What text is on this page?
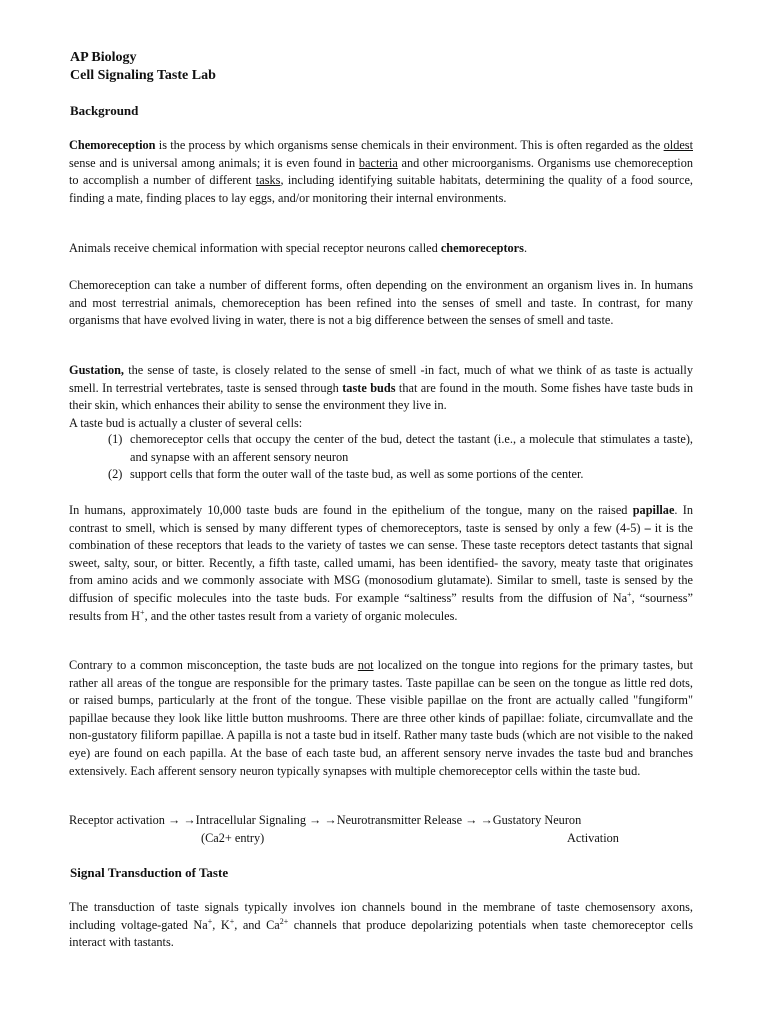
AP Biology
Cell Signaling Taste Lab
Background
Chemoreception is the process by which organisms sense chemicals in their environment. This is often regarded as the oldest sense and is universal among animals; it is even found in bacteria and other microorganisms. Organisms use chemoreception to accomplish a number of different tasks, including identifying suitable habitats, determining the quality of a food source, finding a mate, finding places to lay eggs, and/or monitoring their internal environments.
Animals receive chemical information with special receptor neurons called chemoreceptors.
Chemoreception can take a number of different forms, often depending on the environment an organism lives in. In humans and most terrestrial animals, chemoreception has been refined into the senses of smell and taste. In contrast, for many organisms that have evolved living in water, there is not a big difference between the senses of smell and taste.
Gustation, the sense of taste, is closely related to the sense of smell -in fact, much of what we think of as taste is actually smell. In terrestrial vertebrates, taste is sensed through taste buds that are found in the mouth. Some fishes have taste buds in their skin, which enhances their ability to sense the environment they live in.
A taste bud is actually a cluster of several cells:
(1) chemoreceptor cells that occupy the center of the bud, detect the tastant (i.e., a molecule that stimulates a taste), and synapse with an afferent sensory neuron
(2) support cells that form the outer wall of the taste bud, as well as some portions of the center.
In humans, approximately 10,000 taste buds are found in the epithelium of the tongue, many on the raised papillae. In contrast to smell, which is sensed by many different types of chemoreceptors, taste is sensed by only a few (4-5) – it is the combination of these receptors that leads to the variety of tastes we can sense. These taste receptors detect tastants that signal sweet, salty, sour, or bitter. Recently, a fifth taste, called umami, has been identified- the savory, meaty taste that originates from amino acids and we commonly associate with MSG (monosodium glutamate). Similar to smell, taste is sensed by the diffusion of specific molecules into the taste buds. For example “saltiness” results from the diffusion of Na+, “sourness” results from H+, and the other tastes result from a variety of organic molecules.
Contrary to a common misconception, the taste buds are not localized on the tongue into regions for the primary tastes, but rather all areas of the tongue are responsible for the primary tastes. Taste papillae can be seen on the tongue as little red dots, or raised bumps, particularly at the front of the tongue. These visible papillae on the front are actually called "fungiform" papillae because they look like little button mushrooms. There are three other kinds of papillae: foliate, circumvallate and the non-gustatory filiform papillae. A papilla is not a taste bud in itself. Rather many taste buds (which are not visible to the naked eye) are found on each papilla. At the base of each taste bud, an afferent sensory nerve invades the taste bud and branches extensively. Each afferent sensory neuron typically synapses with multiple chemoreceptor cells within the taste bud.
Receptor activation → →Intracellular Signaling → →Neurotransmitter Release → →Gustatory Neuron
(Ca2+ entry)	Activation
Signal Transduction of Taste
The transduction of taste signals typically involves ion channels bound in the membrane of taste chemosensory axons, including voltage-gated Na+, K+, and $Ca^{2+}$ channels that produce depolarizing potentials when taste chemoreceptor cells interact with tastants.
